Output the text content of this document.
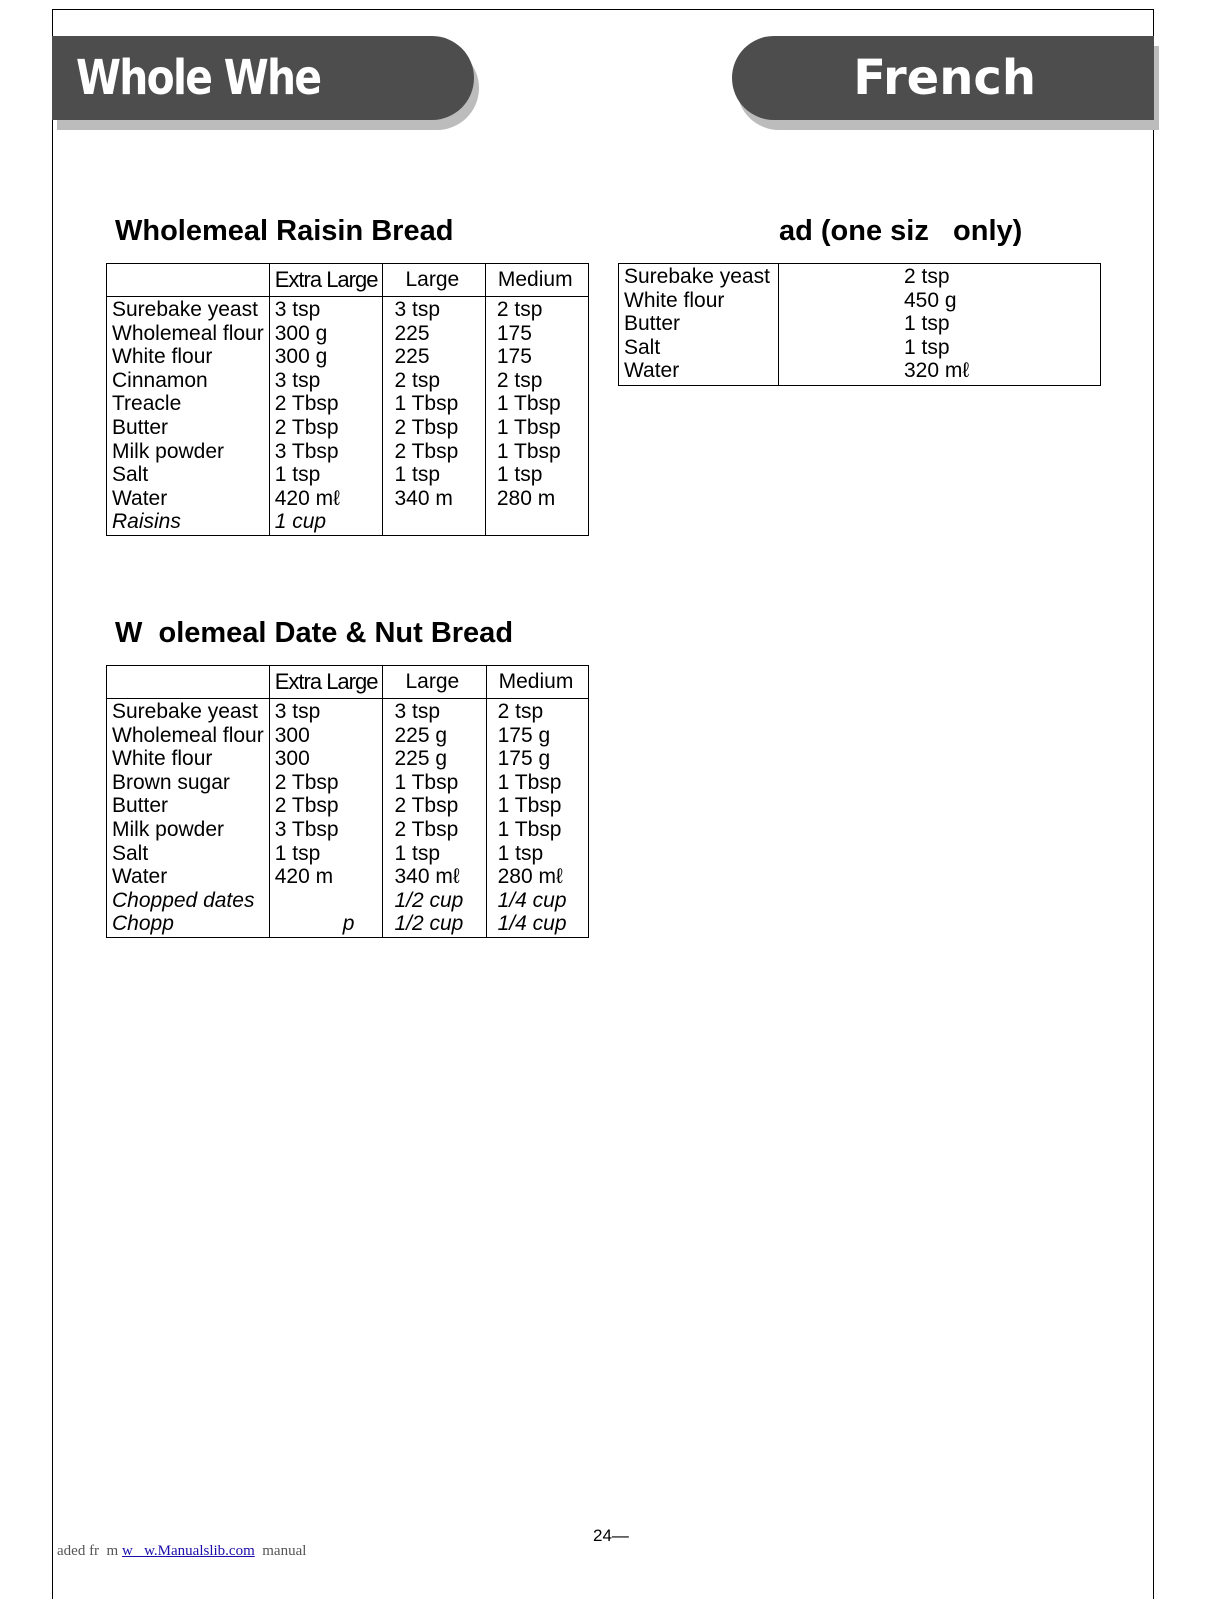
Whole Whe	French
Wholemeal Raisin Bread
	Extra Large	Large	Medium
Surebake yeast	3 tsp	3 tsp	2 tsp
Wholemeal flour	300 g	225	175
White flour	300 g	225	175
Cinnamon	3 tsp	2 tsp	2 tsp
Treacle	2 Tbsp	1 Tbsp	1 Tbsp
Butter	2 Tbsp	2 Tbsp	1 Tbsp
Milk powder	3 Tbsp	2 Tbsp	1 Tbsp
Salt	1 tsp	1 tsp	1 tsp
Water	420 mℓ	340 m	280 m
Raisins	1 cup		
W  olemeal Date & Nut Bread
	Extra Large	Large	Medium
Surebake yeast	3 tsp	3 tsp	2 tsp
Wholemeal flour	300	225 g	175 g
White flour	300	225 g	175 g
Brown sugar	2 Tbsp	1 Tbsp	1 Tbsp
Butter	2 Tbsp	2 Tbsp	1 Tbsp
Milk powder	3 Tbsp	2 Tbsp	1 Tbsp
Salt	1 tsp	1 tsp	1 tsp
Water	420 m	340 mℓ	280 mℓ
Chopped dates		1/2 cup	1/4 cup
Chopp	p	1/2 cup	1/4 cup
ad (one siz   only)
Surebake yeast	2 tsp
White flour	450 g
Butter	1 tsp
Salt	1 tsp
Water	320 mℓ
24—
aded fr  m w   w.Manualslib.com  manual
